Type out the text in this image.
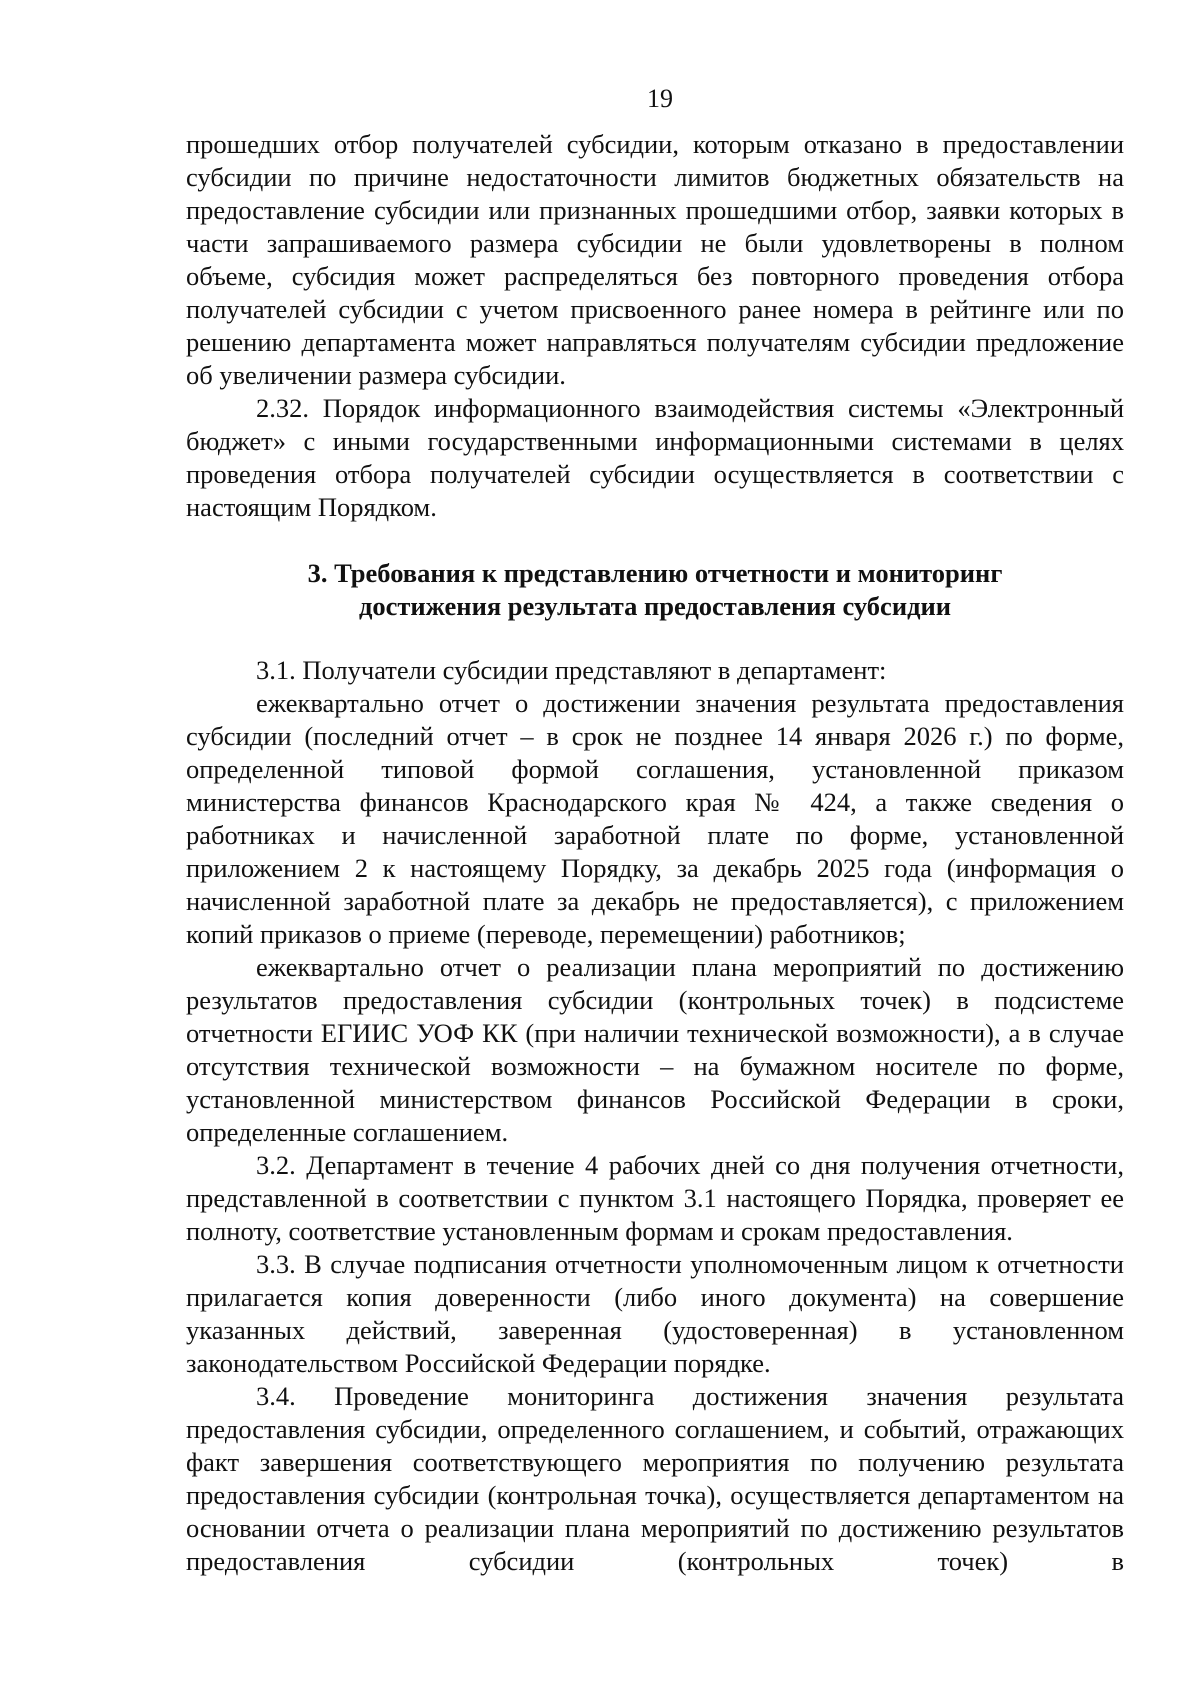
19

прошедших отбор получателей субсидии, которым отказано в предоставлении субсидии по причине недостаточности лимитов бюджетных обязательств на предоставление субсидии или признанных прошедшими отбор, заявки которых в части запрашиваемого размера субсидии не были удовлетворены в полном объеме, субсидия может распределяться без повторного проведения отбора получателей субсидии с учетом присвоенного ранее номера в рейтинге или по решению департамента может направляться получателям субсидии предложение об увеличении размера субсидии.

2.32. Порядок информационного взаимодействия системы «Электронный бюджет» с иными государственными информационными системами в целях проведения отбора получателей субсидии осуществляется в соответствии с настоящим Порядком.

3. Требования к представлению отчетности и мониторинг
достижения результата предоставления субсидии

3.1. Получатели субсидии представляют в департамент:

ежеквартально отчет о достижении значения результата предоставления субсидии (последний отчет – в срок не позднее 14 января 2026 г.) по форме, определенной типовой формой соглашения, установленной приказом министерства финансов Краснодарского края № 424, а также сведения о работниках и начисленной заработной плате по форме, установленной приложением 2 к настоящему Порядку, за декабрь 2025 года (информация о начисленной заработной плате за декабрь не предоставляется), с приложением копий приказов о приеме (переводе, перемещении) работников;

ежеквартально отчет о реализации плана мероприятий по достижению результатов предоставления субсидии (контрольных точек) в подсистеме отчетности ЕГИИС УОФ КК (при наличии технической возможности), а в случае отсутствия технической возможности – на бумажном носителе по форме, установленной министерством финансов Российской Федерации в сроки, определенные соглашением.

3.2. Департамент в течение 4 рабочих дней со дня получения отчетности, представленной в соответствии с пунктом 3.1 настоящего Порядка, проверяет ее полноту, соответствие установленным формам и срокам предоставления.

3.3. В случае подписания отчетности уполномоченным лицом к отчетности прилагается копия доверенности (либо иного документа) на совершение указанных действий, заверенная (удостоверенная) в установленном законодательством Российской Федерации порядке.

3.4. Проведение мониторинга достижения значения результата предоставления субсидии, определенного соглашением, и событий, отражающих факт завершения соответствующего мероприятия по получению результата предоставления субсидии (контрольная точка), осуществляется департаментом на основании отчета о реализации плана мероприятий по достижению результатов предоставления субсидии (контрольных точек) в
